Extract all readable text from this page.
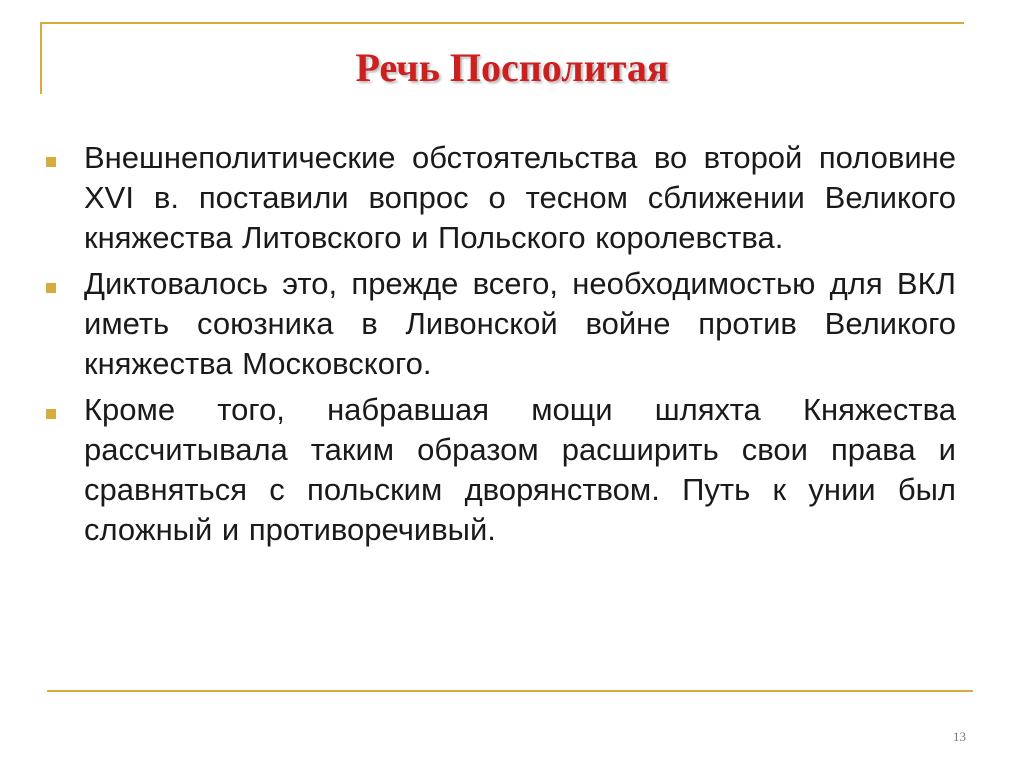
Речь Посполитая
Внешнеполитические обстоятельства во второй половине XVI в. поставили вопрос о тесном сближении Великого княжества Литовского и Польского королевства.
Диктовалось это, прежде всего, необходимостью для ВКЛ иметь союзника в Ливонской войне против Великого княжества Московского.
Кроме того, набравшая мощи шляхта Княжества рассчитывала таким образом расширить свои права и сравняться с польским дворянством. Путь к унии был сложный и противоречивый.
13
